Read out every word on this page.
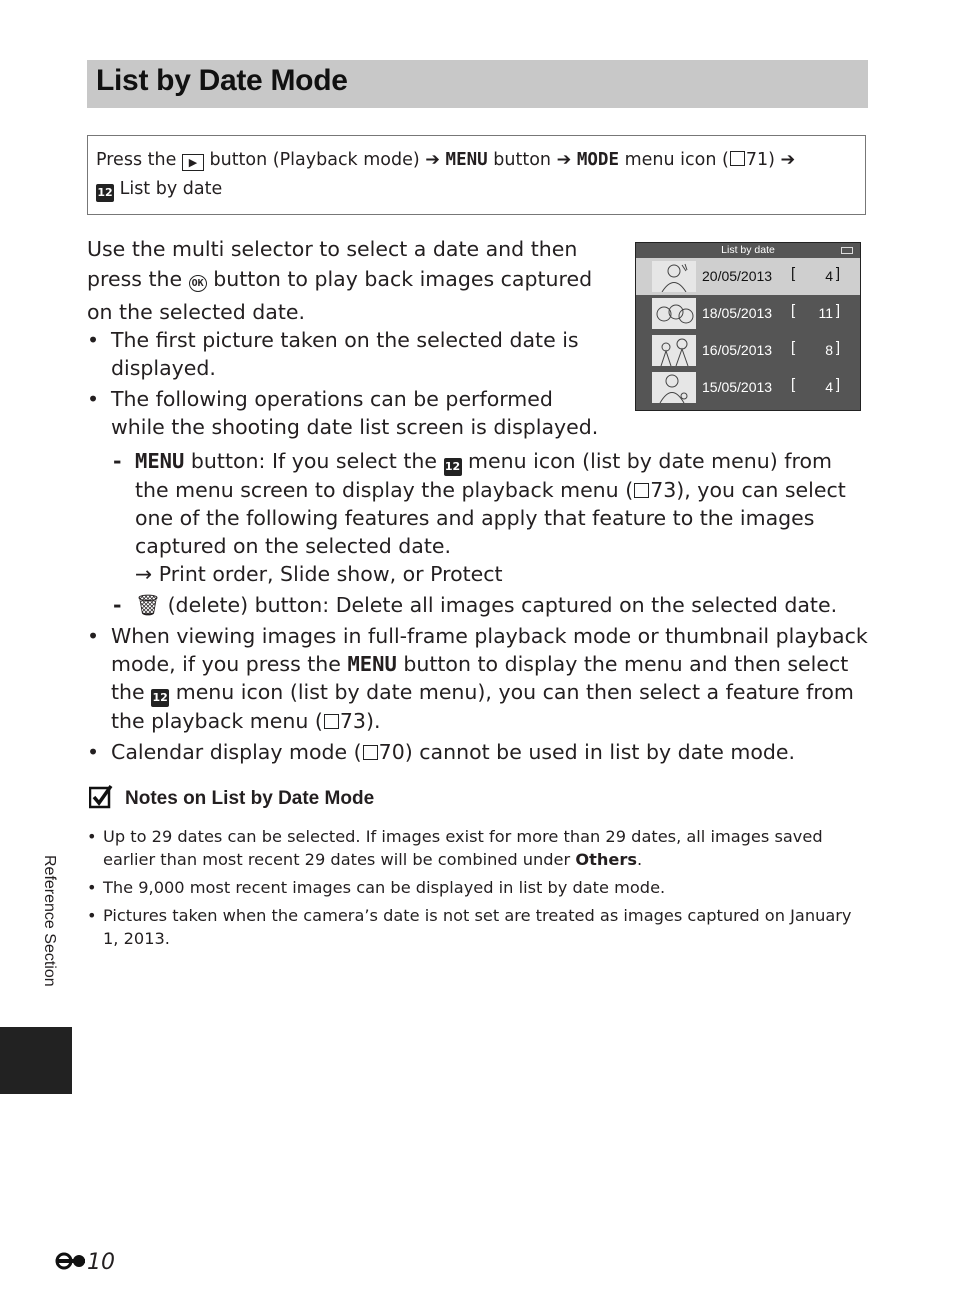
List by Date Mode
Press the ▶ button (Playback mode) ➔ MENU button ➔ MODE menu icon ( 71) ➔
12 List by date
Use the multi selector to select a date and then press the OK button to play back images captured on the selected date.
List by date
20/05/2013 [ 4 ]
18/05/2013 [ 11 ]
16/05/2013 [ 8 ]
15/05/2013 [ 4 ]
• The first picture taken on the selected date is displayed.
• The following operations can be performed while the shooting date list screen is displayed.
- MENU button: If you select the 12 menu icon (list by date menu) from the menu screen to display the playback menu ( 73), you can select one of the following features and apply that feature to the images captured on the selected date.
→ Print order, Slide show, or Protect
- 🗑 (delete) button: Delete all images captured on the selected date.
• When viewing images in full-frame playback mode or thumbnail playback mode, if you press the MENU button to display the menu and then select the 12 menu icon (list by date menu), you can then select a feature from the playback menu ( 73).
• Calendar display mode ( 70) cannot be used in list by date mode.
Notes on List by Date Mode
• Up to 29 dates can be selected. If images exist for more than 29 dates, all images saved earlier than most recent 29 dates will be combined under Others.
• The 9,000 most recent images can be displayed in list by date mode.
• Pictures taken when the camera’s date is not set are treated as images captured on January 1, 2013.
Reference Section
10
